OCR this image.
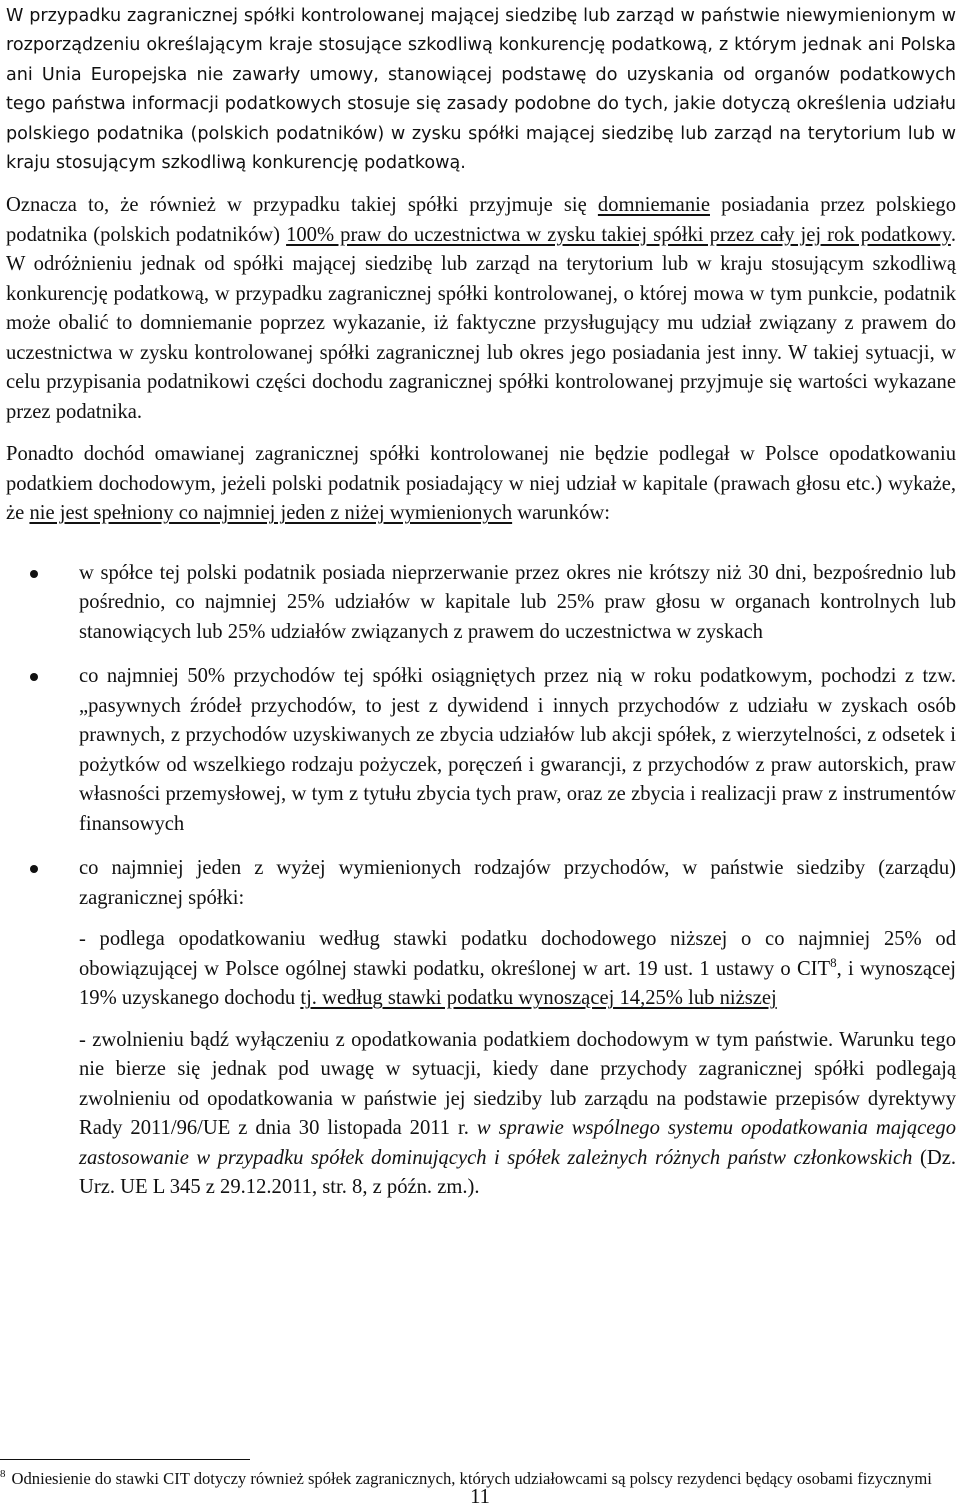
W przypadku zagranicznej spółki kontrolowanej mającej siedzibę lub zarząd w państwie niewymienionym w rozporządzeniu określającym kraje stosujące szkodliwą konkurencję podatkową, z którym jednak ani Polska ani Unia Europejska nie zawarły umowy, stanowiącej podstawę do uzyskania od organów podatkowych tego państwa informacji podatkowych stosuje się zasady podobne do tych, jakie dotyczą określenia udziału polskiego podatnika (polskich podatników) w zysku spółki mającej siedzibę lub zarząd na terytorium lub w kraju stosującym szkodliwą konkurencję podatkową.

Oznacza to, że również w przypadku takiej spółki przyjmuje się domniemanie posiadania przez polskiego podatnika (polskich podatników) 100% praw do uczestnictwa w zysku takiej spółki przez cały jej rok podatkowy. W odróżnieniu jednak od spółki mającej siedzibę lub zarząd na terytorium lub w kraju stosującym szkodliwą konkurencję podatkową, w przypadku zagranicznej spółki kontrolowanej, o której mowa w tym punkcie, podatnik może obalić to domniemanie poprzez wykazanie, iż faktyczne przysługujący mu udział związany z prawem do uczestnictwa w zysku kontrolowanej spółki zagranicznej lub okres jego posiadania jest inny. W takiej sytuacji, w celu przypisania podatnikowi części dochodu zagranicznej spółki kontrolowanej przyjmuje się wartości wykazane przez podatnika.

Ponadto dochód omawianej zagranicznej spółki kontrolowanej nie będzie podlegał w Polsce opodatkowaniu podatkiem dochodowym, jeżeli polski podatnik posiadający w niej udział w kapitale (prawach głosu etc.) wykaże, że nie jest spełniony co najmniej jeden z niżej wymienionych warunków:

w spółce tej polski podatnik posiada nieprzerwanie przez okres nie krótszy niż 30 dni, bezpośrednio lub pośrednio, co najmniej 25% udziałów w kapitale lub 25% praw głosu w organach kontrolnych lub stanowiących lub 25% udziałów związanych z prawem do uczestnictwa w zyskach

co najmniej 50% przychodów tej spółki osiągniętych przez nią w roku podatkowym, pochodzi z tzw. „pasywnych źródeł przychodów, to jest z dywidend i innych przychodów z udziału w zyskach osób prawnych, z przychodów uzyskiwanych ze zbycia udziałów lub akcji spółek, z wierzytelności, z odsetek i pożytków od wszelkiego rodzaju pożyczek, poręczeń i gwarancji, z przychodów z praw autorskich, praw własności przemysłowej, w tym z tytułu zbycia tych praw, oraz ze zbycia i realizacji praw z instrumentów finansowych

co najmniej jeden z wyżej wymienionych rodzajów przychodów, w państwie siedziby (zarządu) zagranicznej spółki:

- podlega opodatkowaniu według stawki podatku dochodowego niższej o co najmniej 25% od obowiązującej w Polsce ogólnej stawki podatku, określonej w art. 19 ust. 1 ustawy o CIT$^8$, i wynoszącej 19% uzyskanego dochodu tj. według stawki podatku wynoszącej 14,25% lub niższej

- zwolnieniu bądź wyłączeniu z opodatkowania podatkiem dochodowym w tym państwie. Warunku tego nie bierze się jednak pod uwagę w sytuacji, kiedy dane przychody zagranicznej spółki podlegają zwolnieniu od opodatkowania w państwie jej siedziby lub zarządu na podstawie przepisów dyrektywy Rady 2011/96/UE z dnia 30 listopada 2011 r. w sprawie wspólnego systemu opodatkowania mającego zastosowanie w przypadku spółek dominujących i spółek zależnych różnych państw członkowskich (Dz. Urz. UE L 345 z 29.12.2011, str. 8, z późn. zm.).

$^8$ Odniesienie do stawki CIT dotyczy również spółek zagranicznych, których udziałowcami są polscy rezydenci będący osobami fizycznymi
11
